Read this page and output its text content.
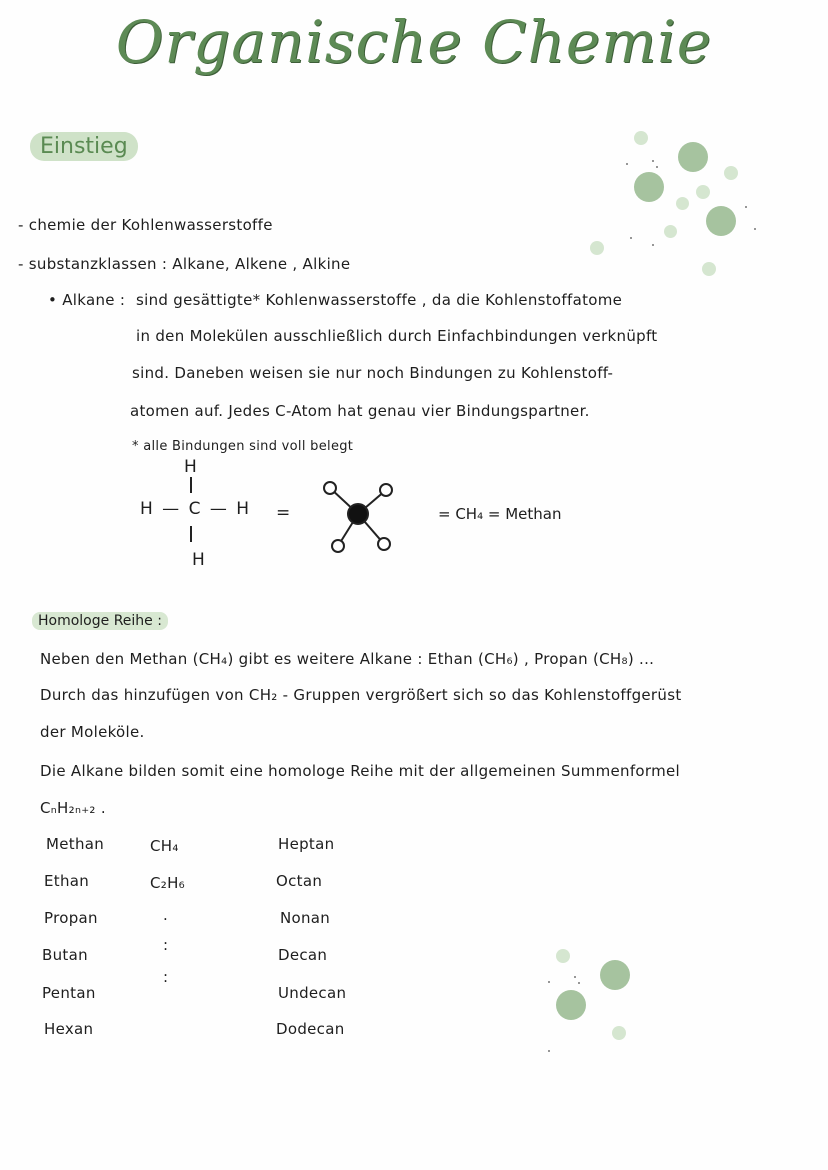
Organische Chemie
Einstieg
- chemie der Kohlenwasserstoffe
- substanzklassen : Alkane, Alkene , Alkine
• Alkane : sind gesättigte* Kohlenwasserstoffe , da die Kohlenstoffatome
in den Molekülen ausschließlich durch Einfachbindungen verknüpft
sind. Daneben weisen sie nur noch Bindungen zu Kohlenstoff-
atomen auf. Jedes C-Atom hat genau vier Bindungspartner.
* alle Bindungen sind voll belegt
H
H — C — H
H
=	= CH₄ = Methan
Homologe Reihe :
Neben den Methan (CH₄) gibt es weitere Alkane : Ethan (CH₆) , Propan (CH₈) ...
Durch das hinzufügen von CH₂ - Gruppen vergrößert sich so das Kohlenstoffgerüst
der Moleköle.
Die Alkane bilden somit eine homologe Reihe mit der allgemeinen Summenformel
CₙH₂ₙ₊₂ .
Methan
Ethan
Propan
Butan
Pentan
Hexan
CH₄
C₂H₆
.
:
:
Heptan
Octan
Nonan
Decan
Undecan
Dodecan
